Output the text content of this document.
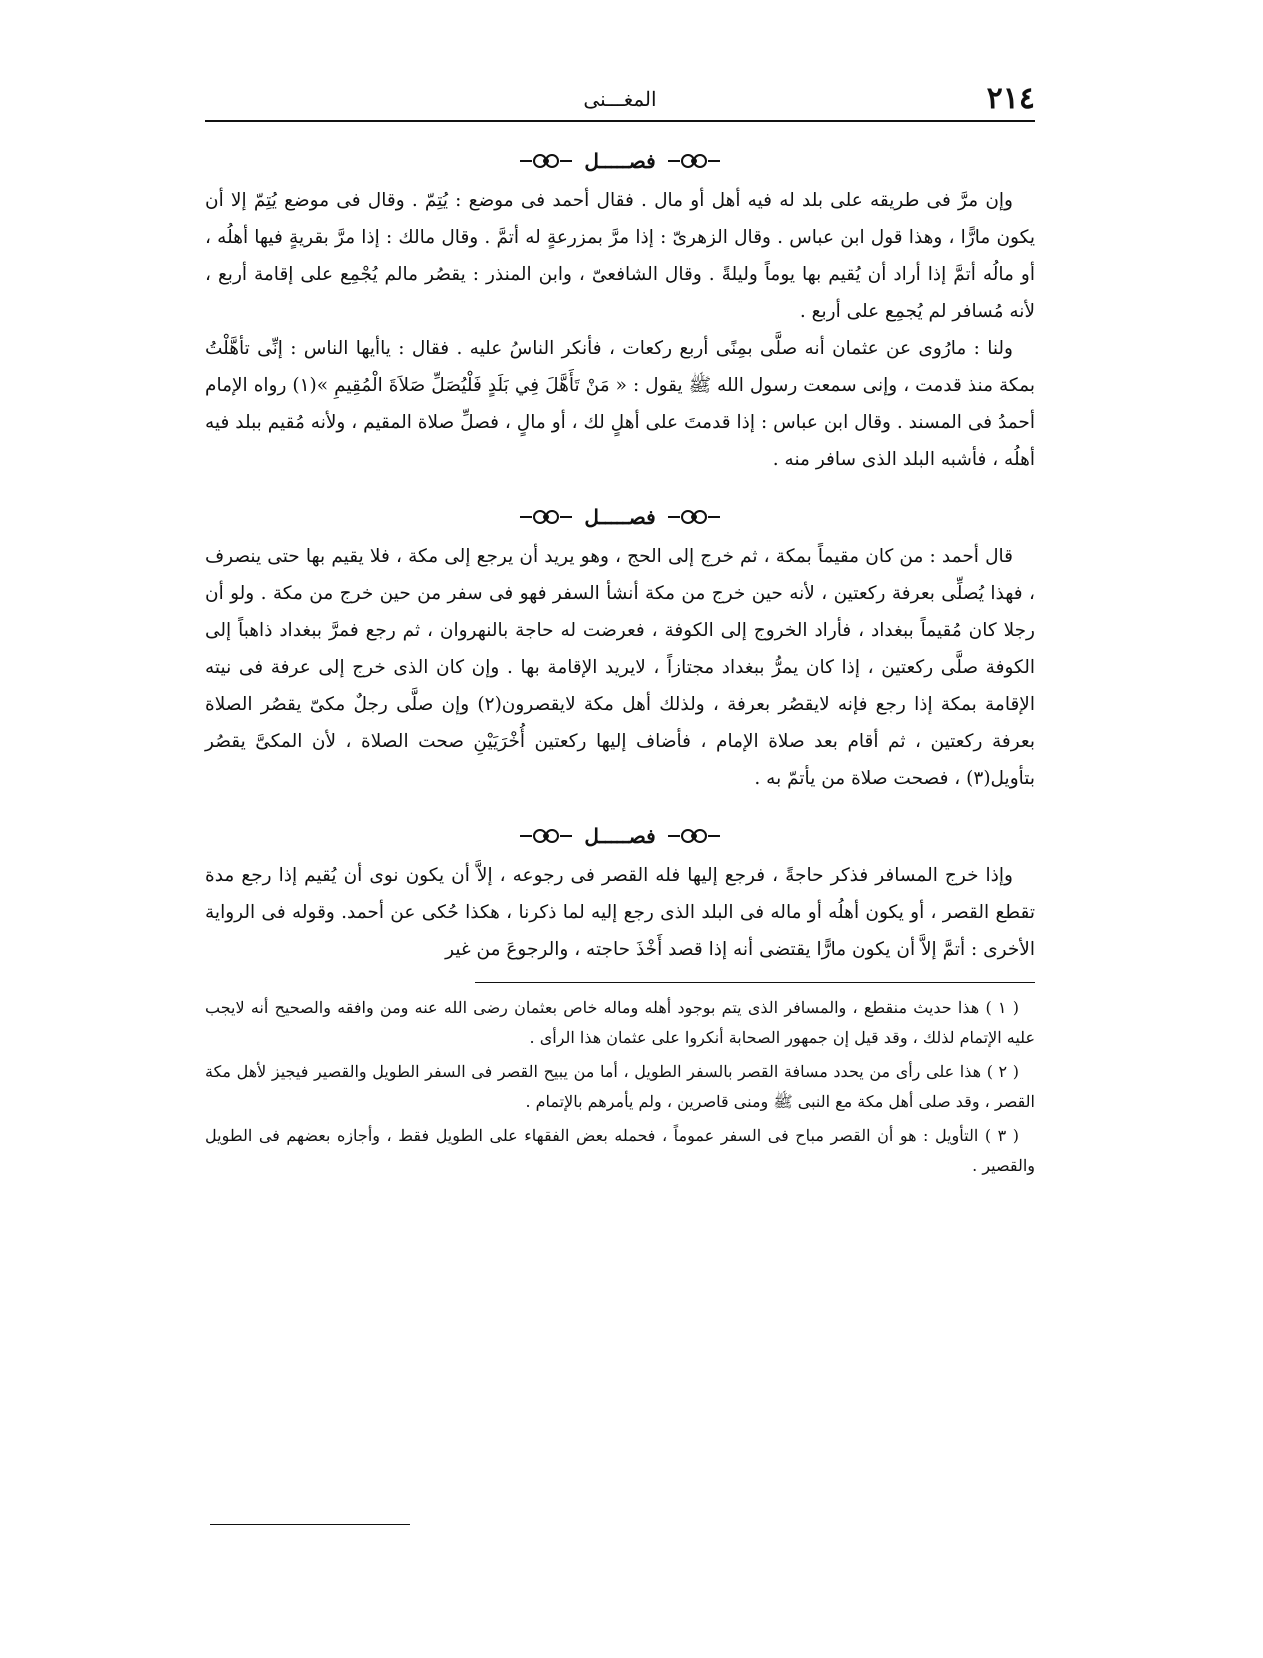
٢١٤
المغـــنى
فصـــــل

وإن مرَّ فى طريقه على بلد له فيه أهل أو مال . فقال أحمد فى موضع : يُتِمّ . وقال فى موضع يُتِمّ إلا أن يكون مارًّا ، وهذا قول ابن عباس . وقال الزهرىّ : إذا مرَّ بمزرعةٍ له أتمَّ . وقال مالك : إذا مرَّ بقريةٍ فيها أهلُه ، أو مالُه أتمَّ إذا أراد أن يُقيم بها يوماً وليلةً . وقال الشافعىّ ، وابن المنذر : يقصُر مالم يُجْمِع على إقامة أربع ، لأنه مُسافر لم يُجمِع على أربع .

ولنا : مارُوى عن عثمان أنه صلَّى بمِنًى أربع ركعات ، فأنكر الناسُ عليه . فقال : ياأيها الناس : إنِّى تأهَّلْتُ بمكة منذ قدمت ، وإنى سمعت رسول الله ﷺ يقول : « مَنْ تَأَهَّلَ فِي بَلَدٍ فَلْيُصَلِّ صَلاَةَ الْمُقِيمِ »(١) رواه الإمام أحمدُ فى المسند . وقال ابن عباس : إذا قدمتَ على أهلٍ لك ، أو مالٍ ، فصلِّ صلاة المقيم ، ولأنه مُقيم ببلد فيه أهلُه ، فأشبه البلد الذى سافر منه .

فصـــــل

قال أحمد : من كان مقيماً بمكة ، ثم خرج إلى الحج ، وهو يريد أن يرجع إلى مكة ، فلا يقيم بها حتى ينصرف ، فهذا يُصلِّى بعرفة ركعتين ، لأنه حين خرج من مكة أنشأ السفر فهو فى سفر من حين خرج من مكة . ولو أن رجلا كان مُقيماً ببغداد ، فأراد الخروج إلى الكوفة ، فعرضت له حاجة بالنهروان ، ثم رجع فمرَّ ببغداد ذاهباً إلى الكوفة صلَّى ركعتين ، إذا كان يمرُّ ببغداد مجتازاً ، لايريد الإقامة بها . وإن كان الذى خرج إلى عرفة فى نيته الإقامة بمكة إذا رجع فإنه لايقصُر بعرفة ، ولذلك أهل مكة لايقصرون(٢) وإن صلَّى رجلٌ مكىّ يقصُر الصلاة بعرفة ركعتين ، ثم أقام بعد صلاة الإمام ، فأضاف إليها ركعتين أُخْرَيَيْنِ صحت الصلاة ، لأن المكىَّ يقصُر بتأويل(٣) ، فصحت صلاة من يأتمّ به .

فصـــــل

وإذا خرج المسافر فذكر حاجةً ، فرجع إليها فله القصر فى رجوعه ، إلاَّ أن يكون نوى أن يُقيم إذا رجع مدة تقطع القصر ، أو يكون أهلُه أو ماله فى البلد الذى رجع إليه لما ذكرنا ، هكذا حُكى عن أحمد. وقوله فى الرواية الأخرى : أتمَّ إلاَّ أن يكون مارًّا يقتضى أنه إذا قصد أَخْذَ حاجته ، والرجوعَ من غير

( ١ ) هذا حديث منقطع ، والمسافر الذى يتم بوجود أهله وماله خاص بعثمان رضى الله عنه ومن وافقه والصحيح أنه لايجب عليه الإتمام لذلك ، وقد قيل إن جمهور الصحابة أنكروا على عثمان هذا الرأى .

( ٢ ) هذا على رأى من يحدد مسافة القصر بالسفر الطويل ، أما من يبيح القصر فى السفر الطويل والقصير فيجيز لأهل مكة القصر ، وقد صلى أهل مكة مع النبى ﷺ ومنى قاصرين ، ولم يأمرهم بالإتمام .

( ٣ ) التأويل : هو أن القصر مباح فى السفر عموماً ، فحمله بعض الفقهاء على الطويل فقط ، وأجازه بعضهم فى الطويل والقصير .
